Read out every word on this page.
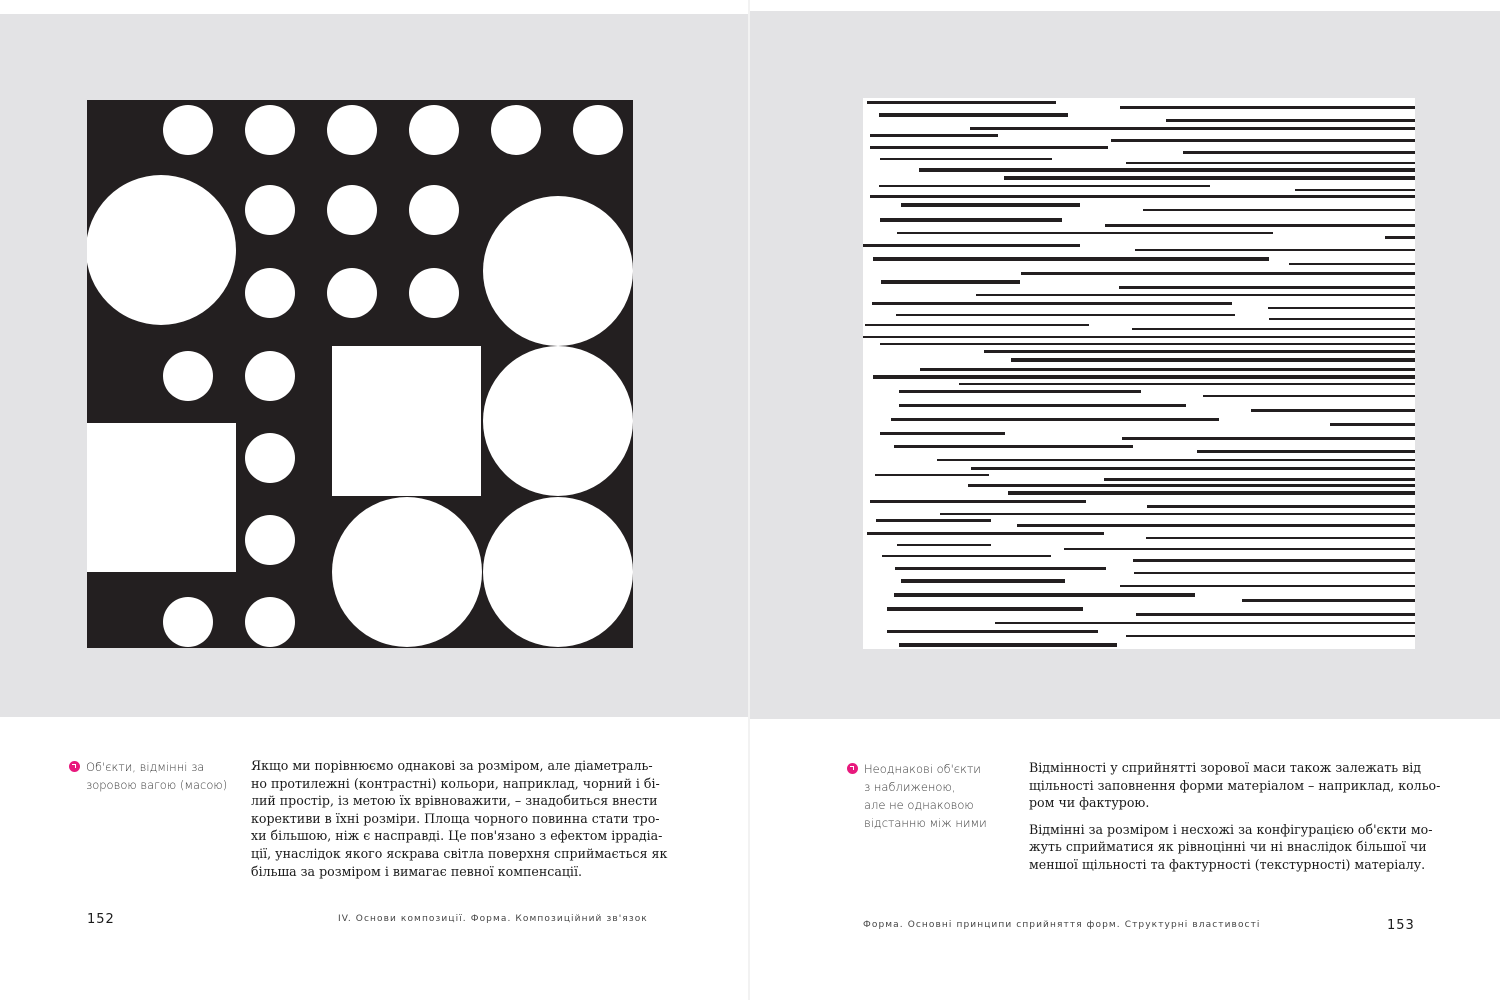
Об'єкти, відмінні за
зоровою вагою (масою)
Якщо ми порівнюємо однакові за розміром, але діаметраль-
но протилежні (контрастні) кольори, наприклад, чорний і бі-
лий простір, із метою їх врівноважити, – знадобиться внести
корективи в їхні розміри. Площа чорного повинна стати тро-
хи більшою, ніж є насправді. Це пов'язано з ефектом іррадіа-
ції, унаслідок якого яскрава світла поверхня сприймається як
більша за розміром і вимагає певної компенсації.
152	IV. Основи композиції. Форма. Композиційний зв'язок
Неоднакові об'єкти
з наближеною,
але не однаковою
відстанню між ними
Відмінності у сприйнятті зорової маси також залежать від
щільності заповнення форми матеріалом – наприклад, кольо-
ром чи фактурою.
Відмінні за розміром і несхожі за конфігурацією об'єкти мо-
жуть сприйматися як рівноцінні чи ні внаслідок більшої чи
меншої щільності та фактурності (текстурності) матеріалу.
Форма. Основні принципи сприйняття форм. Структурні властивості	153
